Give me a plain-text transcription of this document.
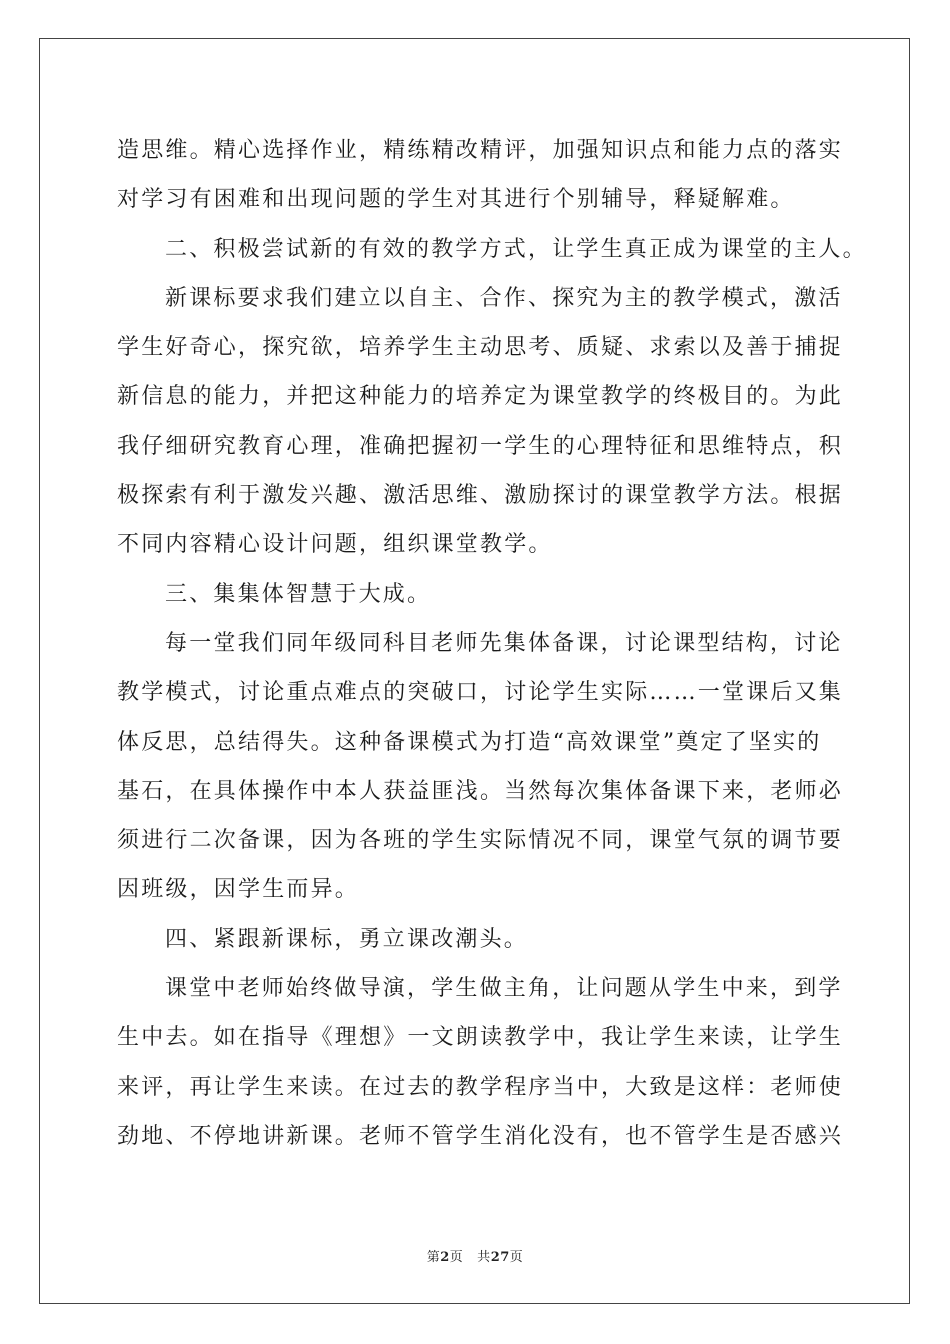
造思维。精心选择作业，精练精改精评，加强知识点和能力点的落实
对学习有困难和出现问题的学生对其进行个别辅导，释疑解难。
二、积极尝试新的有效的教学方式，让学生真正成为课堂的主人。
新课标要求我们建立以自主、合作、探究为主的教学模式，激活
学生好奇心，探究欲，培养学生主动思考、质疑、求索以及善于捕捉
新信息的能力，并把这种能力的培养定为课堂教学的终极目的。为此
我仔细研究教育心理，准确把握初一学生的心理特征和思维特点，积
极探索有利于激发兴趣、激活思维、激励探讨的课堂教学方法。根据
不同内容精心设计问题，组织课堂教学。
三、集集体智慧于大成。
每一堂我们同年级同科目老师先集体备课，讨论课型结构，讨论
教学模式，讨论重点难点的突破口，讨论学生实际……一堂课后又集
体反思，总结得失。这种备课模式为打造“高效课堂”奠定了坚实的
基石，在具体操作中本人获益匪浅。当然每次集体备课下来，老师必
须进行二次备课，因为各班的学生实际情况不同，课堂气氛的调节要
因班级，因学生而异。
四、紧跟新课标，勇立课改潮头。
课堂中老师始终做导演，学生做主角，让问题从学生中来，到学
生中去。如在指导《理想》一文朗读教学中，我让学生来读，让学生
来评，再让学生来读。在过去的教学程序当中，大致是这样：老师使
劲地、不停地讲新课。老师不管学生消化没有，也不管学生是否感兴
第2页 共27页
